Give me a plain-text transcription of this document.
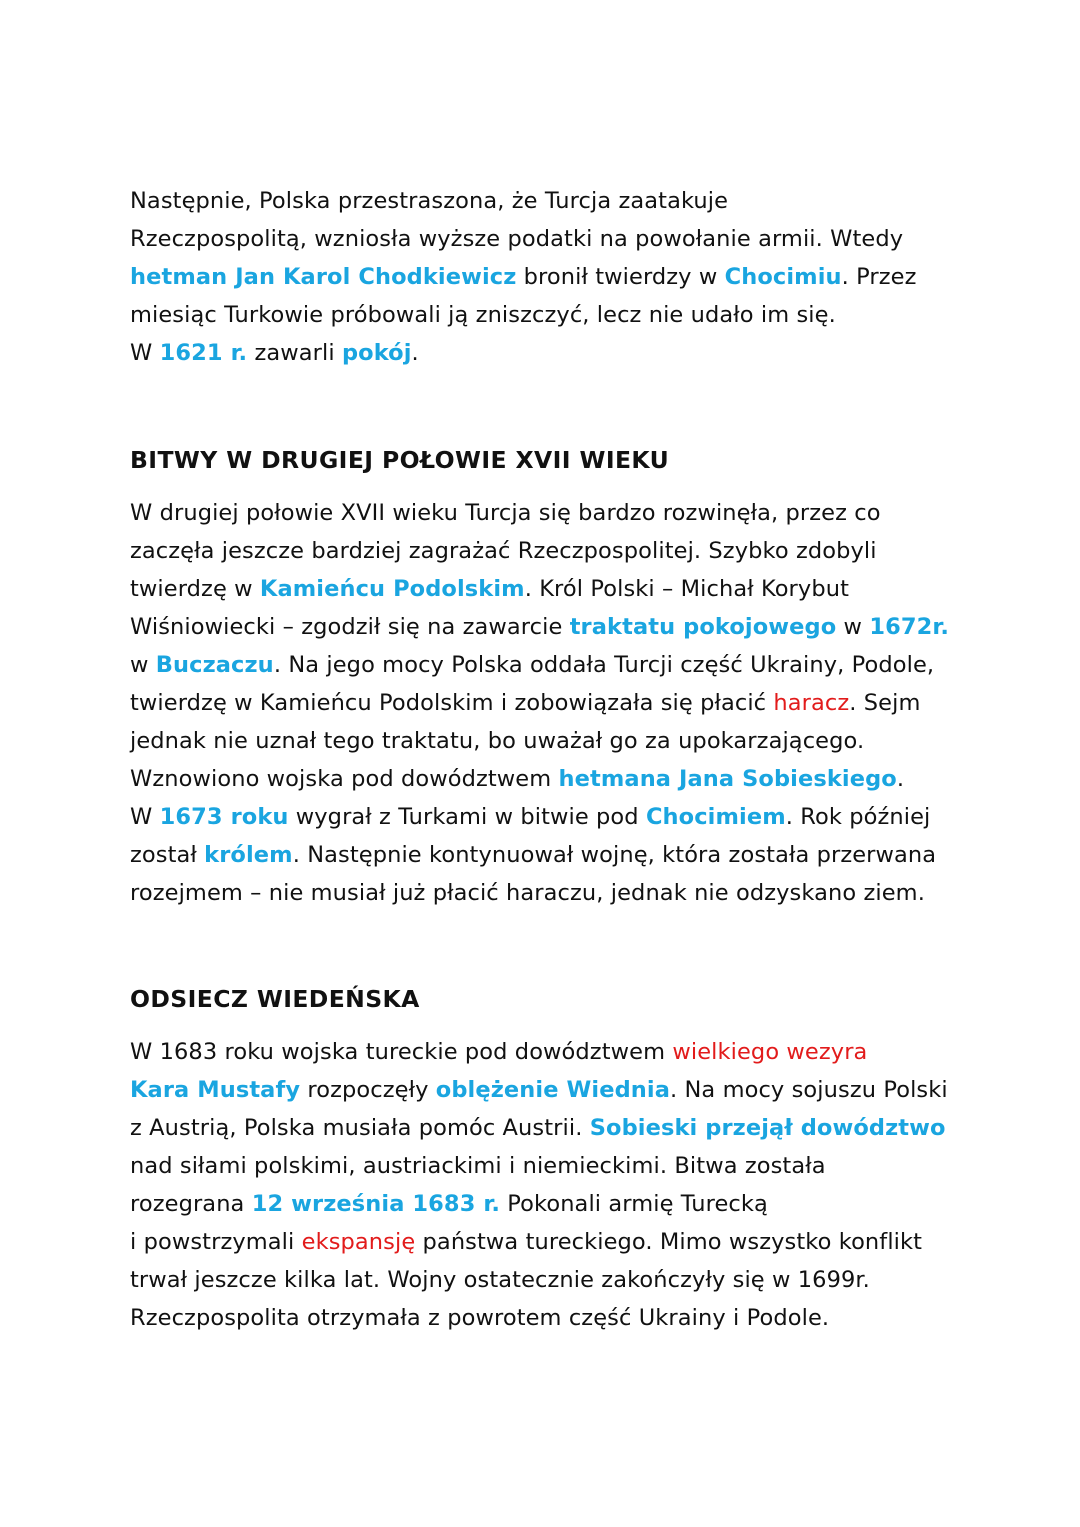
Następnie, Polska przestraszona, że Turcja zaatakuje
Rzeczpospolitą, wzniosła wyższe podatki na powołanie armii. Wtedy
hetman Jan Karol Chodkiewicz bronił twierdzy w Chocimiu. Przez
miesiąc Turkowie próbowali ją zniszczyć, lecz nie udało im się.
W 1621 r. zawarli pokój.
BITWY W DRUGIEJ POŁOWIE XVII WIEKU
W drugiej połowie XVII wieku Turcja się bardzo rozwinęła, przez co
zaczęła jeszcze bardziej zagrażać Rzeczpospolitej. Szybko zdobyli
twierdzę w Kamieńcu Podolskim. Król Polski – Michał Korybut
Wiśniowiecki – zgodził się na zawarcie traktatu pokojowego w 1672r.
w Buczaczu. Na jego mocy Polska oddała Turcji część Ukrainy, Podole,
twierdzę w Kamieńcu Podolskim i zobowiązała się płacić haracz. Sejm
jednak nie uznał tego traktatu, bo uważał go za upokarzającego.
Wznowiono wojska pod dowództwem hetmana Jana Sobieskiego.
W 1673 roku wygrał z Turkami w bitwie pod Chocimiem. Rok później
został królem. Następnie kontynuował wojnę, która została przerwana
rozejmem – nie musiał już płacić haraczu, jednak nie odzyskano ziem.
ODSIECZ WIEDEŃSKA
W 1683 roku wojska tureckie pod dowództwem wielkiego wezyra
Kara Mustafy rozpoczęły oblężenie Wiednia. Na mocy sojuszu Polski
z Austrią, Polska musiała pomóc Austrii. Sobieski przejął dowództwo
nad siłami polskimi, austriackimi i niemieckimi. Bitwa została
rozegrana 12 września 1683 r. Pokonali armię Turecką
i powstrzymali ekspansję państwa tureckiego. Mimo wszystko konflikt
trwał jeszcze kilka lat. Wojny ostatecznie zakończyły się w 1699r.
Rzeczpospolita otrzymała z powrotem część Ukrainy i Podole.
